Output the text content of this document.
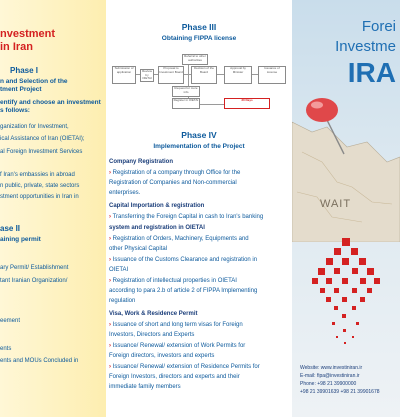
nvestment
in Iran
Phase I
n and Selection of the
tment Project
entify and choose an investment
s follows:
ganization for Investment,
ical Assistance of Iran (OIETAI);
al Foreign Investment Services
f Iran's embassies in abroad
n public, private, state sectors
stment opportunities in Iran in
ase II
aining permit
ary Permit/ Establishment
tant Iranian Organization/
eement
ents
ents and MOUs Concluded in
Phase III
Obtaining FIPPA license
Submission of application	Review by OIETAI
Proposal to Investment Board
Referral to other authorities
Decision of the Board
Approval by Minister
Issuance of License
Request for more info
Register in OIETAI	30 Days
Phase IV
Implementation of the Project
Company Registration
› Registration of a company through Office for the
Registration of Companies and Non-commercial
enterprises.
Capital Importation & registration
› Transferring the Foreign Capital in cash to Iran's banking
system and registration in OIETAI
› Registration of Orders, Machinery, Equipments and
other Physical Capital
› Issuance of the Customs Clearance and registration in
OIETAI
› Registration of intellectual properties in OIETAI
according to para 2.b of article 2 of FIPPA Implementing
regulation
Visa, Work & Residence Permit
› Issuance of short and long term visas for Foreign
Investors, Directors and Experts
› Issuance/ Renewal/ extension of Work Permits for
Foreign directors, investors and experts
› Issuance/ Renewal/ extension of Residence Permits for
Foreign Investors, directors and experts and their
immediate family members
Forei
Investme
IRA
WAIT
Website: www.investiniran.ir
E-mail: fipa@investiniran.ir
Phone: +98 21 39900000
+98 21 39901639 +98 21 39901678
